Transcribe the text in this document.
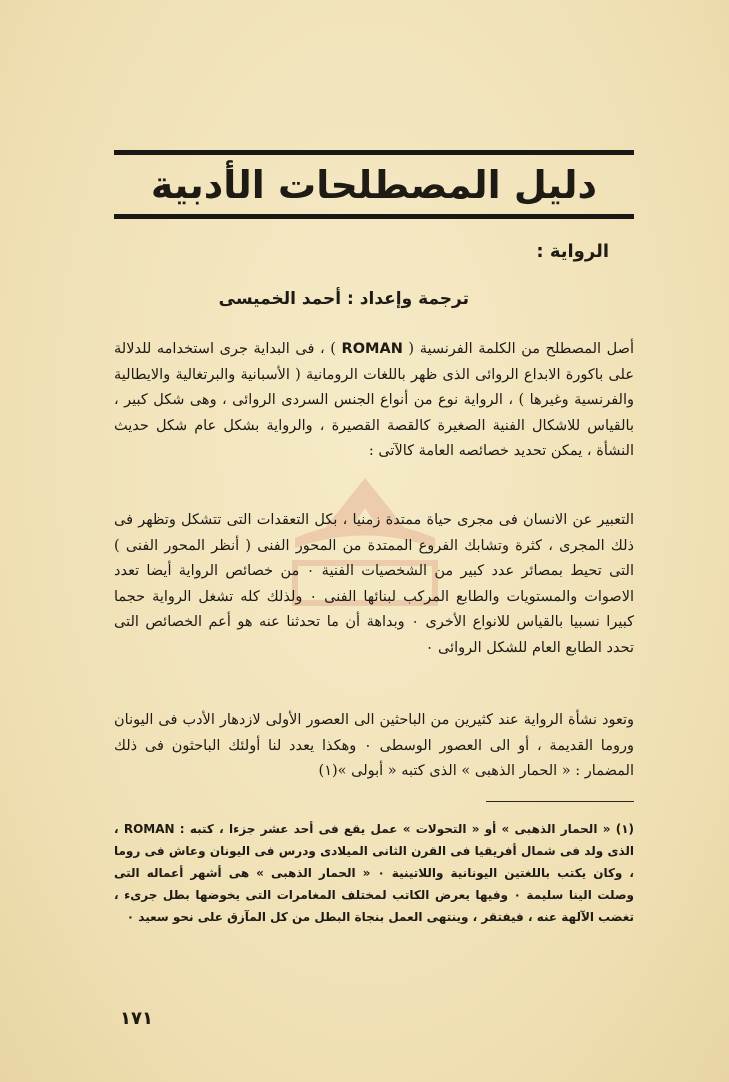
دليل المصطلحات الأدبية
الرواية :
ترجمة وإعداد : أحمد الخميسى
أصل المصطلح من الكلمة الفرنسية ( ROMAN ) ، فى البداية جرى استخدامه للدلالة على باكورة الابداع الروائى الذى ظهر باللغات الرومانية ( الأسبانية والبرتغالية والايطالية والفرنسية وغيرها ) ، الرواية نوع من أنواع الجنس السردى الروائى ، وهى شكل كبير ، بالقياس للاشكال الفنية الصغيرة كالقصة القصيرة ، والرواية بشكل عام شكل حديث النشأة ، يمكن تحديد خصائصه العامة كالآتى :
التعبير عن الانسان فى مجرى حياة ممتدة زمنيا ، بكل التعقدات التى تتشكل وتظهر فى ذلك المجرى ، كثرة وتشابك الفروع الممتدة من المحور الفنى ( أنظر المحور الفنى ) التى تحيط بمصائر عدد كبير من الشخصيات الفنية ٠ من خصائص الرواية أيضا تعدد الاصوات والمستويات والطابع المركب لبنائها الفنى ٠ ولذلك كله تشغل الرواية حجما كبيرا نسبيا بالقياس للانواع الأخرى ٠ وبداهة أن ما تحدثنا عنه هو أعم الخصائص التى تحدد الطابع العام للشكل الروائى ٠
وتعود نشأة الرواية عند كثيرين من الباحثين الى العصور الأولى لازدهار الأدب فى اليونان وروما القديمة ، أو الى العصور الوسطى ٠ وهكذا يعدد لنا أولئك الباحثون فى ذلك المضمار : « الحمار الذهبى » الذى كتبه « أبولى »(١)
(١) « الحمار الذهبى » أو « التحولات » عمل يقع فى أحد عشر جزءا ، كتبه : ROMAN ، الذى ولد فى شمال أفريقيا فى القرن الثانى الميلادى ودرس فى اليونان وعاش فى روما ، وكان يكتب باللغتين اليونانية واللاتينية ٠ « الحمار الذهبى » هى أشهر أعماله التى وصلت الينا سليمة ٠ وفيها يعرض الكاتب لمختلف المغامرات التى يخوضها بطل جرىء ، تغضب الآلهة عنه ، فيفتقر ، وينتهى العمل بنجاة البطل من كل المآزق على نحو سعيد ٠
١٧١
